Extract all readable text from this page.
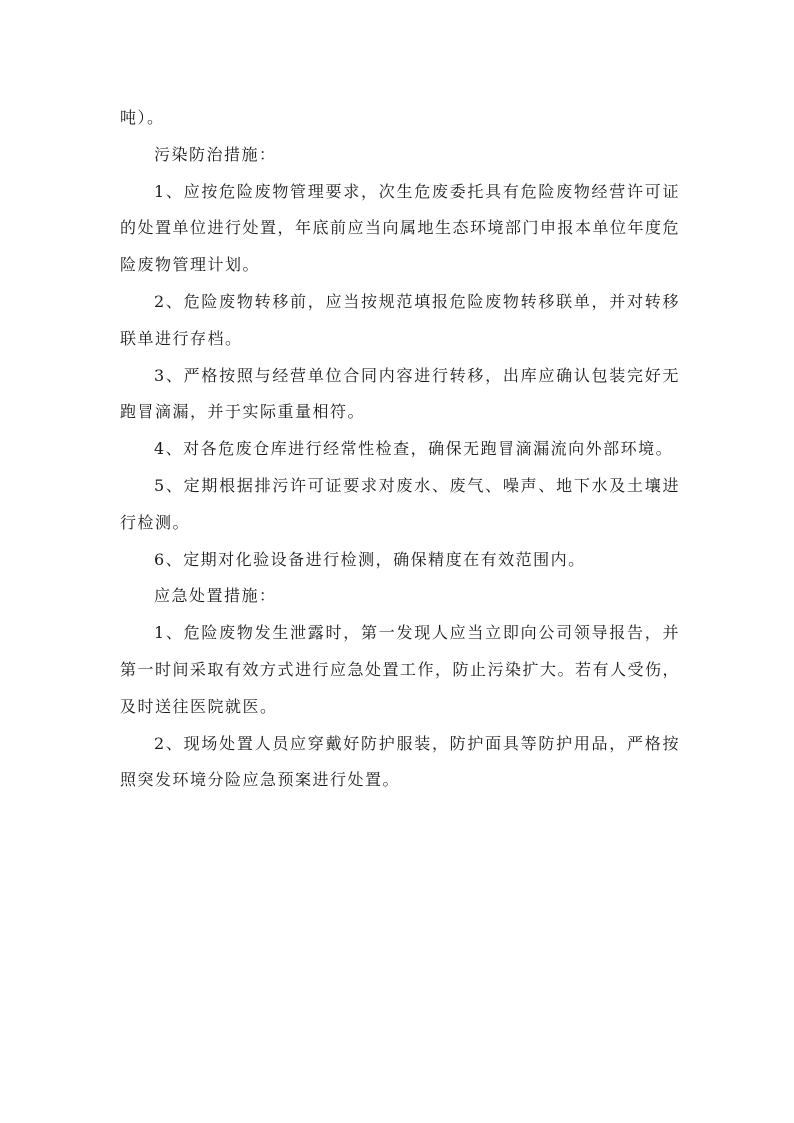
吨）。

污染防治措施：

1、应按危险废物管理要求，次生危废委托具有危险废物经营许可证的处置单位进行处置，年底前应当向属地生态环境部门申报本单位年度危险废物管理计划。

2、危险废物转移前，应当按规范填报危险废物转移联单，并对转移联单进行存档。

3、严格按照与经营单位合同内容进行转移，出库应确认包装完好无跑冒滴漏，并于实际重量相符。

4、对各危废仓库进行经常性检查，确保无跑冒滴漏流向外部环境。

5、定期根据排污许可证要求对废水、废气、噪声、地下水及土壤进行检测。

6、定期对化验设备进行检测，确保精度在有效范围内。

应急处置措施：

1、危险废物发生泄露时，第一发现人应当立即向公司领导报告，并第一时间采取有效方式进行应急处置工作，防止污染扩大。若有人受伤，及时送往医院就医。

2、现场处置人员应穿戴好防护服装，防护面具等防护用品，严格按照突发环境分险应急预案进行处置。
